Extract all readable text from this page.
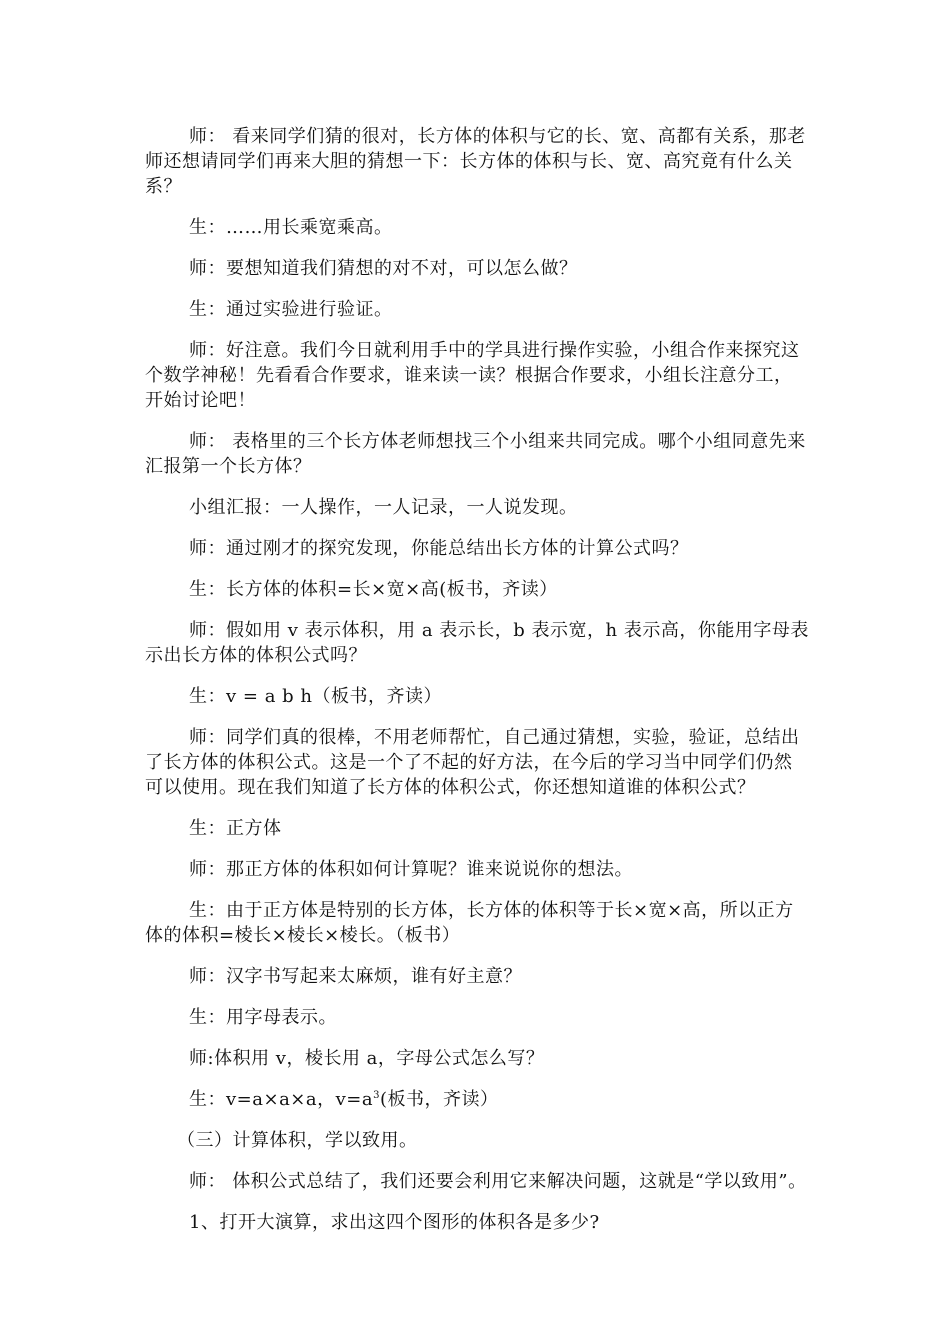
师： 看来同学们猜的很对，长方体的体积与它的长、宽、高都有关系，那老师还想请同学们再来大胆的猜想一下：长方体的体积与长、宽、高究竟有什么关系？

生：……用长乘宽乘高。

师：要想知道我们猜想的对不对，可以怎么做？

生：通过实验进行验证。

师：好注意。我们今日就利用手中的学具进行操作实验，小组合作来探究这个数学神秘！先看看合作要求，谁来读一读？根据合作要求，小组长注意分工，开始讨论吧！

师： 表格里的三个长方体老师想找三个小组来共同完成。哪个小组同意先来汇报第一个长方体？

小组汇报：一人操作，一人记录，一人说发现。

师：通过刚才的探究发现，你能总结出长方体的计算公式吗？

生：长方体的体积=长×宽×高(板书，齐读）

师：假如用 v 表示体积，用 a 表示长，b 表示宽，h 表示高，你能用字母表示出长方体的体积公式吗？

生：v = a b h（板书，齐读）

师：同学们真的很棒，不用老师帮忙，自己通过猜想，实验，验证，总结出了长方体的体积公式。这是一个了不起的好方法，在今后的学习当中同学们仍然可以使用。现在我们知道了长方体的体积公式，你还想知道谁的体积公式？

生：正方体

师：那正方体的体积如何计算呢？谁来说说你的想法。

生：由于正方体是特别的长方体，长方体的体积等于长×宽×高，所以正方体的体积=棱长×棱长×棱长。（板书）

师：汉字书写起来太麻烦，谁有好主意？

生：用字母表示。

师:体积用 v，棱长用 a，字母公式怎么写？

生：v=a×a×a，$v=a^3$(板书，齐读）

（三）计算体积，学以致用。

师： 体积公式总结了，我们还要会利用它来解决问题，这就是“学以致用”。

1、打开大演算，求出这四个图形的体积各是多少?
